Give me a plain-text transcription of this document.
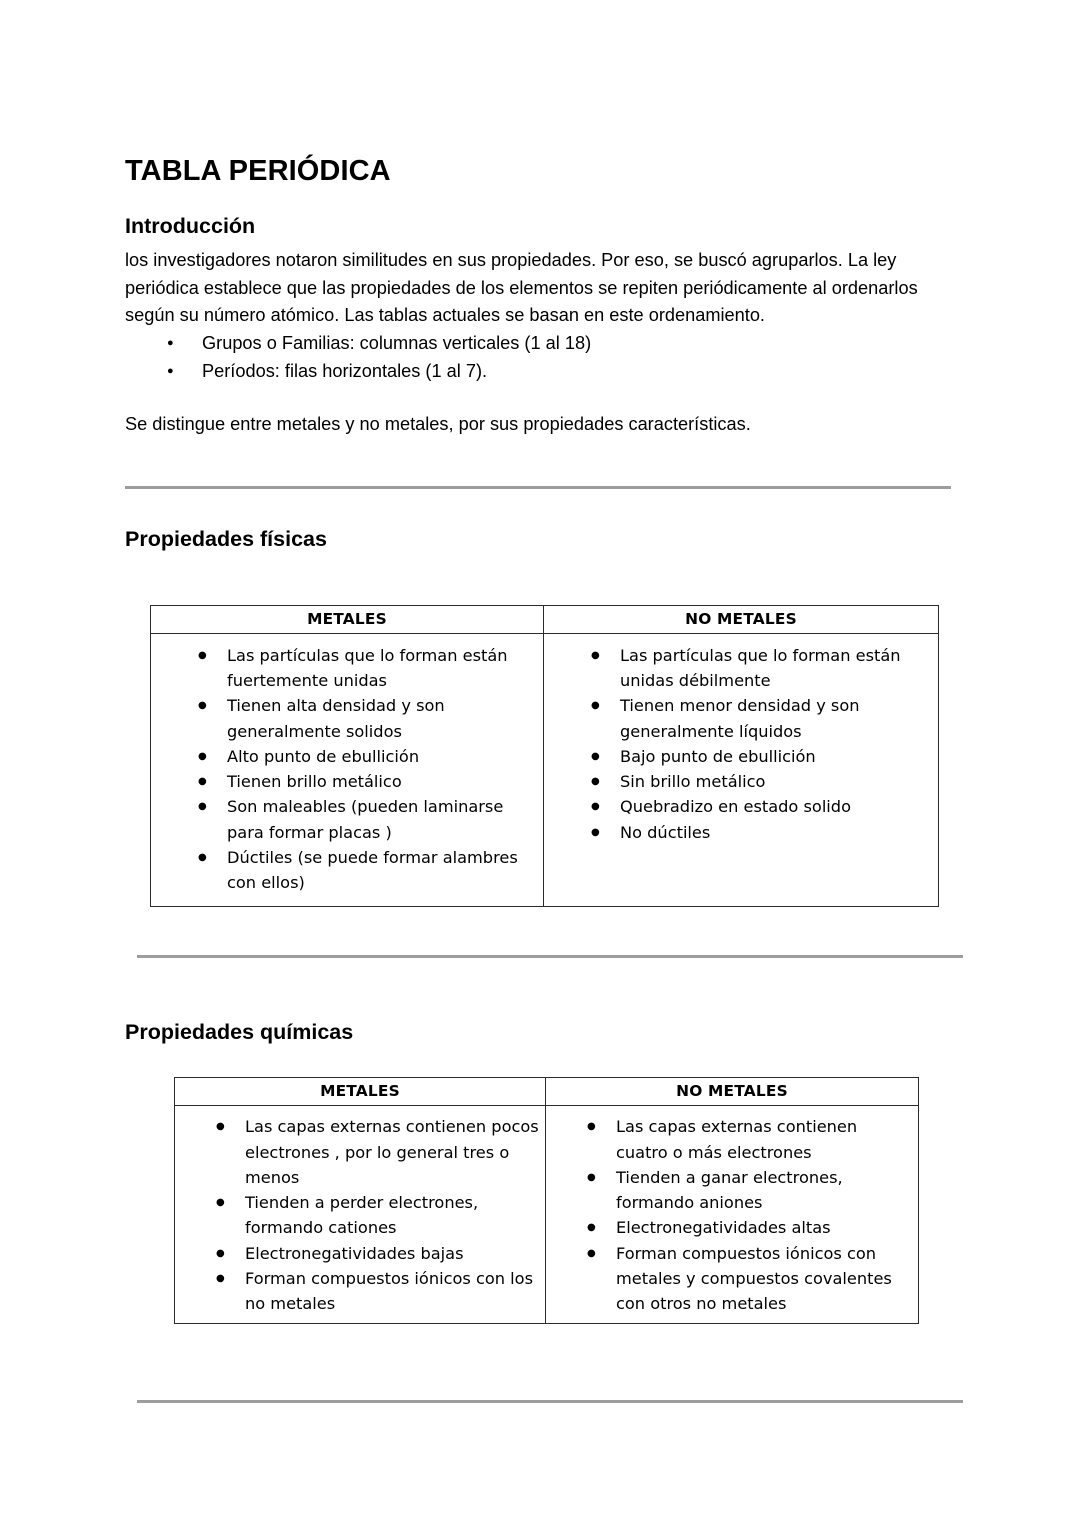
TABLA PERIÓDICA
Introducción

los investigadores notaron similitudes en sus propiedades. Por eso, se buscó agruparlos. La ley periódica establece que las propiedades de los elementos se repiten periódicamente al ordenarlos según su número atómico. Las tablas actuales se basan en este ordenamiento.

● Grupos o Familias: columnas verticales (1 al 18)
● Períodos: filas horizontales (1 al 7).

Se distingue entre metales y no metales, por sus propiedades características.

Propiedades físicas
METALES	NO METALES

● Las partículas que lo forman están fuertemente unidas
● Tienen alta densidad y son generalmente solidos
● Alto punto de ebullición
● Tienen brillo metálico
● Son maleables (pueden laminarse para formar placas )
● Dúctiles (se puede formar alambres con ellos)

● Las partículas que lo forman están unidas débilmente
● Tienen menor densidad y son generalmente líquidos
● Bajo punto de ebullición
● Sin brillo metálico
● Quebradizo en estado solido
● No dúctiles
Propiedades químicas
METALES	NO METALES

● Las capas externas contienen pocos electrones , por lo general tres o menos
● Tienden a perder electrones, formando cationes
● Electronegatividades bajas
● Forman compuestos iónicos con los no metales

● Las capas externas contienen cuatro o más electrones
● Tienden a ganar electrones, formando aniones
● Electronegatividades altas
● Forman compuestos iónicos con metales y compuestos covalentes con otros no metales
